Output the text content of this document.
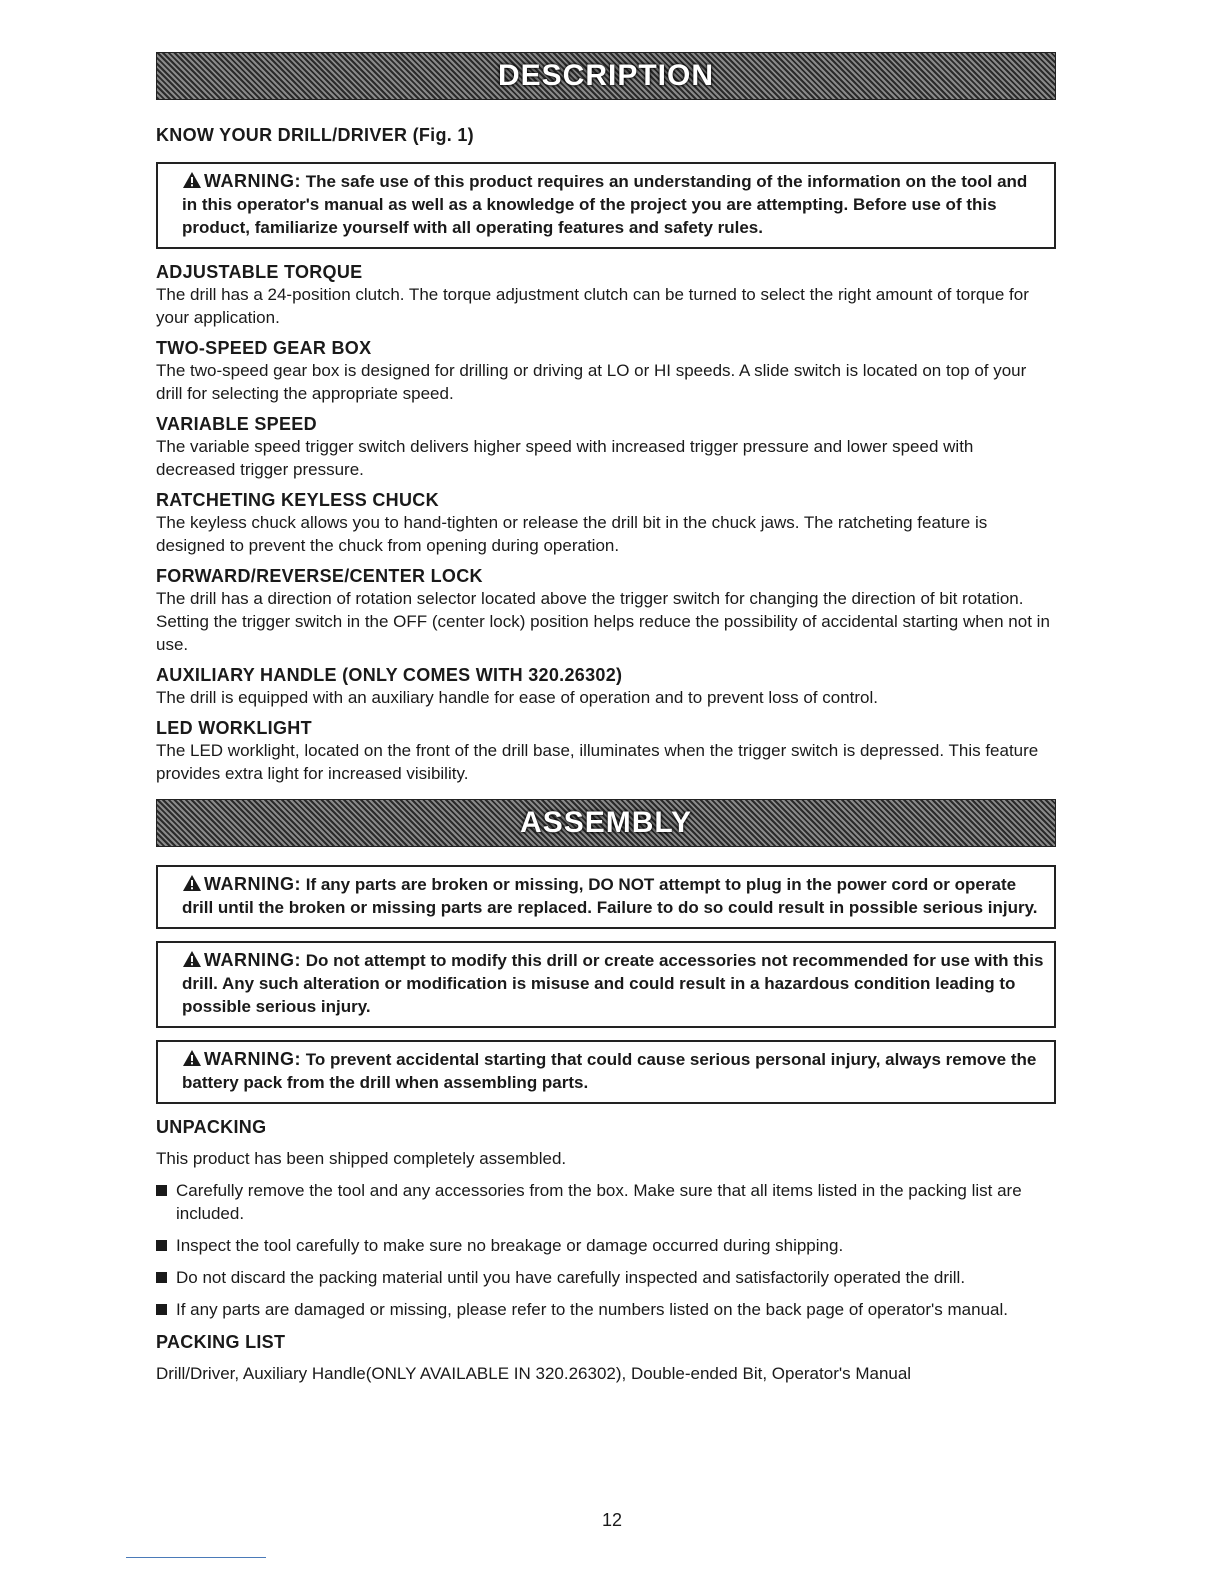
DESCRIPTION

KNOW YOUR DRILL/DRIVER (Fig. 1)

WARNING: The safe use of this product requires an understanding of the information on the tool and in this operator's manual as well as a knowledge of the project you are attempting. Before use of this product, familiarize yourself with all operating features and safety rules.

ADJUSTABLE TORQUE

The drill has a 24-position clutch. The torque adjustment clutch can be turned to select the right amount of torque for your application.

TWO-SPEED GEAR BOX

The two-speed gear box is designed for drilling or driving at LO or HI speeds. A slide switch is located on top of your drill for selecting the appropriate speed.

VARIABLE SPEED

The variable speed trigger switch delivers higher speed with increased trigger pressure and lower speed with decreased trigger pressure.

RATCHETING KEYLESS CHUCK

The keyless chuck allows you to hand-tighten or release the drill bit in the chuck jaws. The ratcheting feature is designed to prevent the chuck from opening during operation.

FORWARD/REVERSE/CENTER LOCK

The drill has a direction of rotation selector located above the trigger switch for changing the direction of bit rotation. Setting the trigger switch in the OFF (center lock) position helps reduce the possibility of accidental starting when not in use.

AUXILIARY HANDLE (ONLY COMES WITH 320.26302)

The drill is equipped with an auxiliary handle for ease of operation and to prevent loss of control.

LED WORKLIGHT

The LED worklight, located on the front of the drill base, illuminates when the trigger switch is depressed. This feature provides extra light for increased visibility.

ASSEMBLY
WARNING: If any parts are broken or missing, DO NOT attempt to plug in the power cord or operate drill until the broken or missing parts are replaced. Failure to do so could result in possible serious injury.
WARNING: Do not attempt to modify this drill or create accessories not recommended for use with this drill. Any such alteration or modification is misuse and could result in a hazardous condition leading to possible serious injury.
WARNING: To prevent accidental starting that could cause serious personal injury, always remove the battery pack from the drill when assembling parts.

UNPACKING

This product has been shipped completely assembled.

Carefully remove the tool and any accessories from the box. Make sure that all items listed in the packing list are included.
Inspect the tool carefully to make sure no breakage or damage occurred during shipping.
Do not discard the packing material until you have carefully inspected and satisfactorily operated the drill.
If any parts are damaged or missing, please refer to the numbers listed on the back page of operator's manual.

PACKING LIST

Drill/Driver, Auxiliary Handle(ONLY AVAILABLE IN 320.26302), Double-ended Bit, Operator's Manual

12
